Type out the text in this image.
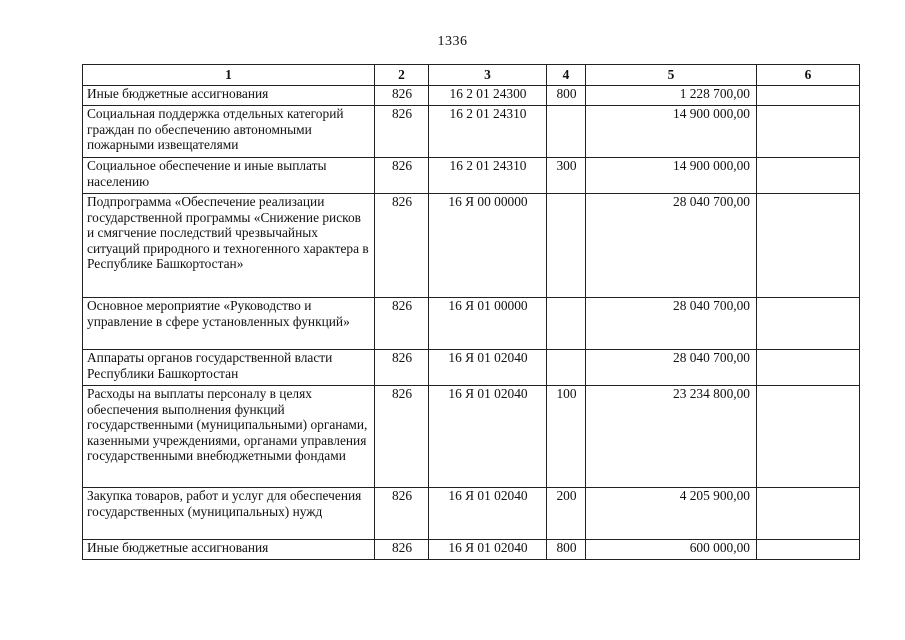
1336
1	2	3	4	5	6
Иные бюджетные ассигнования	826	16 2 01 24300	800	1 228 700,00	
Социальная поддержка отдельных категорий граждан по обеспечению автономными пожарными извещателями	826	16 2 01 24310		14 900 000,00	
Социальное обеспечение и иные выплаты населению	826	16 2 01 24310	300	14 900 000,00	
Подпрограмма «Обеспечение реализации государственной программы «Снижение рисков и смягчение последствий чрезвычайных ситуаций природного и техногенного характера в Республике Башкортостан»	826	16 Я 00 00000		28 040 700,00	
Основное мероприятие «Руководство и управление в сфере установленных функций»	826	16 Я 01 00000		28 040 700,00	
Аппараты органов государственной власти Республики Башкортостан	826	16 Я 01 02040		28 040 700,00	
Расходы на выплаты персоналу в целях обеспечения выполнения функций государственными (муниципальными) органами, казенными учреждениями, органами управления государственными внебюджетными фондами	826	16 Я 01 02040	100	23 234 800,00	
Закупка товаров, работ и услуг для обеспечения государственных (муниципальных) нужд	826	16 Я 01 02040	200	4 205 900,00	
Иные бюджетные ассигнования	826	16 Я 01 02040	800	600 000,00	
